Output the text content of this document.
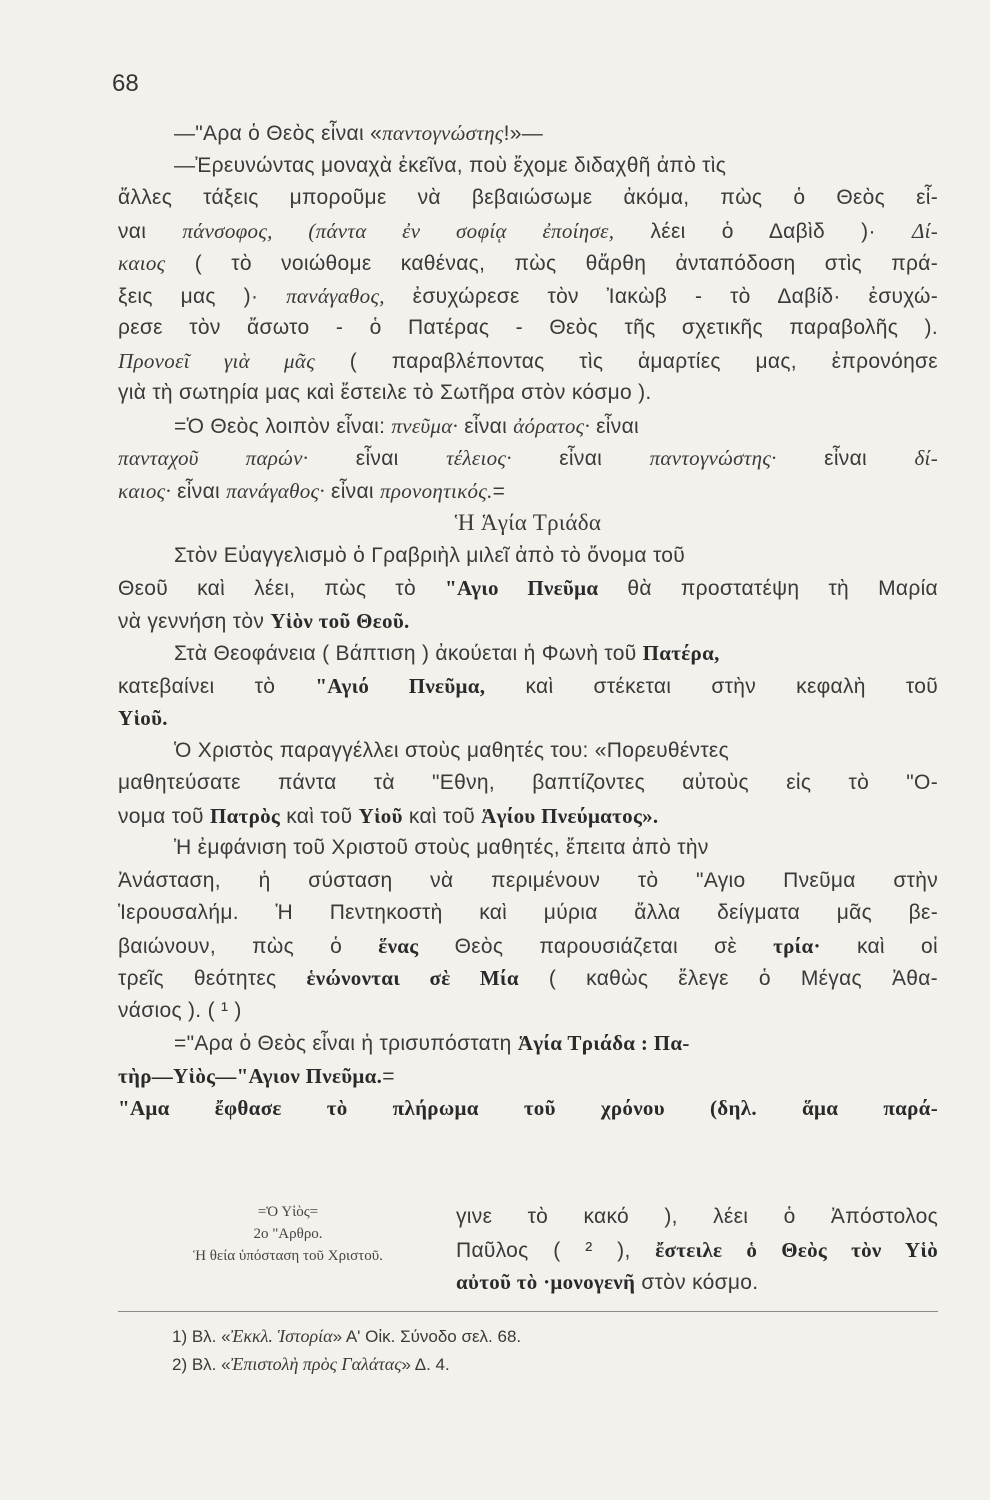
68
—"Αρα ὁ Θεὸς εἶναι «παντογνώστης!»—
—Ἐρευνώντας μοναχὰ ἐκεῖνα, ποὺ ἔχομε διδαχθῆ ἀπὸ τὶς
ἄλλες τάξεις μποροῦμε νὰ βεβαιώσωμε ἀκόμα, πὼς ὁ Θεὸς εἶ-
ναι πάνσοφος, (πάντα ἐν σοφίᾳ ἐποίησε, λέει ὁ Δαβὶδ )· Δί-
καιος ( τὸ νοιώθομε καθένας, πὼς θἄρθη ἀνταπόδοση στὶς πρά-
ξεις μας )· πανάγαθος, ἐσυχώρεσε τὸν Ἰακὼβ - τὸ Δαβίδ· ἐσυχώ-
ρεσε τὸν ἄσωτο - ὁ Πατέρας - Θεὸς τῆς σχετικῆς παραβολῆς ).
Προνοεῖ γιὰ μᾶς ( παραβλέποντας τὶς ἁμαρτίες μας, ἐπρονόησε
γιὰ τὴ σωτηρία μας καὶ ἔστειλε τὸ Σωτῆρα στὸν κόσμο ).
=Ὁ Θεὸς λοιπὸν εἶναι: πνεῦμα· εἶναι ἀόρατος· εἶναι
πανταχοῦ παρών· εἶναι τέλειος· εἶναι παντογνώστης· εἶναι δί-
καιος· εἶναι πανάγαθος· εἶναι προνοητικός.=
Ἡ Ἁγία Τριάδα
Στὸν Εὐαγγελισμὸ ὁ Γραβριὴλ μιλεῖ ἀπὸ τὸ ὄνομα τοῦ
Θεοῦ καὶ λέει, πὼς τὸ "Αγιο Πνεῦμα θὰ προστατέψη τὴ Μαρία
νὰ γεννήση τὸν Υἱὸν τοῦ Θεοῦ.
Στὰ Θεοφάνεια ( Βάπτιση ) ἀκούεται ἡ Φωνὴ τοῦ Πατέρα,
κατεβαίνει τὸ "Αγιό Πνεῦμα, καὶ στέκεται στὴν κεφαλὴ τοῦ
Υἱοῦ.
Ὁ Χριστὸς παραγγέλλει στοὺς μαθητές του: «Πορευθέντες
μαθητεύσατε πάντα τὰ "Εθνη, βαπτίζοντες αὐτοὺς εἰς τὸ "Ο-
νομα τοῦ Πατρὸς καὶ τοῦ Υἱοῦ καὶ τοῦ Ἁγίου Πνεύματος».
Ἡ ἐμφάνιση τοῦ Χριστοῦ στοὺς μαθητές, ἔπειτα ἀπὸ τὴν
Ἀνάσταση, ἡ σύσταση νὰ περιμένουν τὸ "Αγιο Πνεῦμα στὴν
Ἱερουσαλήμ. Ἡ Πεντηκοστὴ καὶ μύρια ἄλλα δείγματα μᾶς βε-
βαιώνουν, πὼς ὁ ἕνας Θεὸς παρουσιάζεται σὲ τρία· καὶ οἱ
τρεῖς θεότητες ἑνώνονται σὲ Μία ( καθὼς ἔλεγε ὁ Μέγας Ἀθα-
νάσιος ). ( ¹ )
="Αρα ὁ Θεὸς εἶναι ἡ τρισυπόστατη Ἁγία Τριάδα : Πα-
τὴρ—Υἱὸς—"Αγιον Πνεῦμα.=
"Αμα ἔφθασε τὸ πλήρωμα τοῦ χρόνου (δηλ. ἅμα παρά-
=Ὁ Υἱὸς=
2ο "Αρθρο.
Ἡ θεία ὑπόσταση τοῦ Χριστοῦ.
γινε τὸ κακό ), λέει ὁ Ἀπόστολος
Παῦλος ( ² ), ἔστειλε ὁ Θεὸς τὸν Υἱὸ
αὐτοῦ τὸ ·μονογενῆ στὸν κόσμο.
1) Βλ. «Ἐκκλ. Ἱστορία» Α' Οἰκ. Σύνοδο σελ. 68.
2) Βλ. «Ἐπιστολὴ πρὸς Γαλάτας» Δ. 4.
